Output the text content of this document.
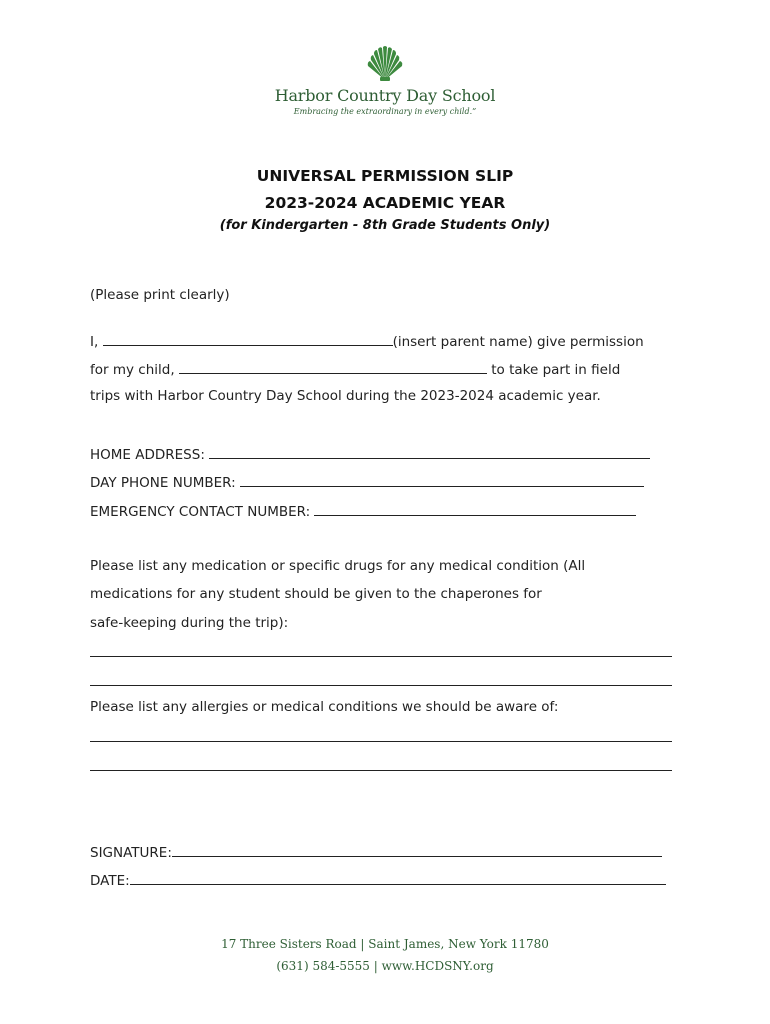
Harbor Country Day School
Embracing the extraordinary in every child.”
UNIVERSAL PERMISSION SLIP
2023-2024 ACADEMIC YEAR
(for Kindergarten - 8th Grade Students Only)
(Please print clearly)
I,	(insert parent name) give permission
for my child,	to take part in field
trips with Harbor Country Day School during the 2023-2024 academic year.
HOME ADDRESS:
DAY PHONE NUMBER:
EMERGENCY CONTACT NUMBER:
Please list any medication or specific drugs for any medical condition (All
medications for any student should be given to the chaperones for
safe-keeping during the trip):
Please list any allergies or medical conditions we should be aware of:
SIGNATURE:
DATE:
17 Three Sisters Road | Saint James, New York 11780
(631) 584-5555 | www.HCDSNY.org
